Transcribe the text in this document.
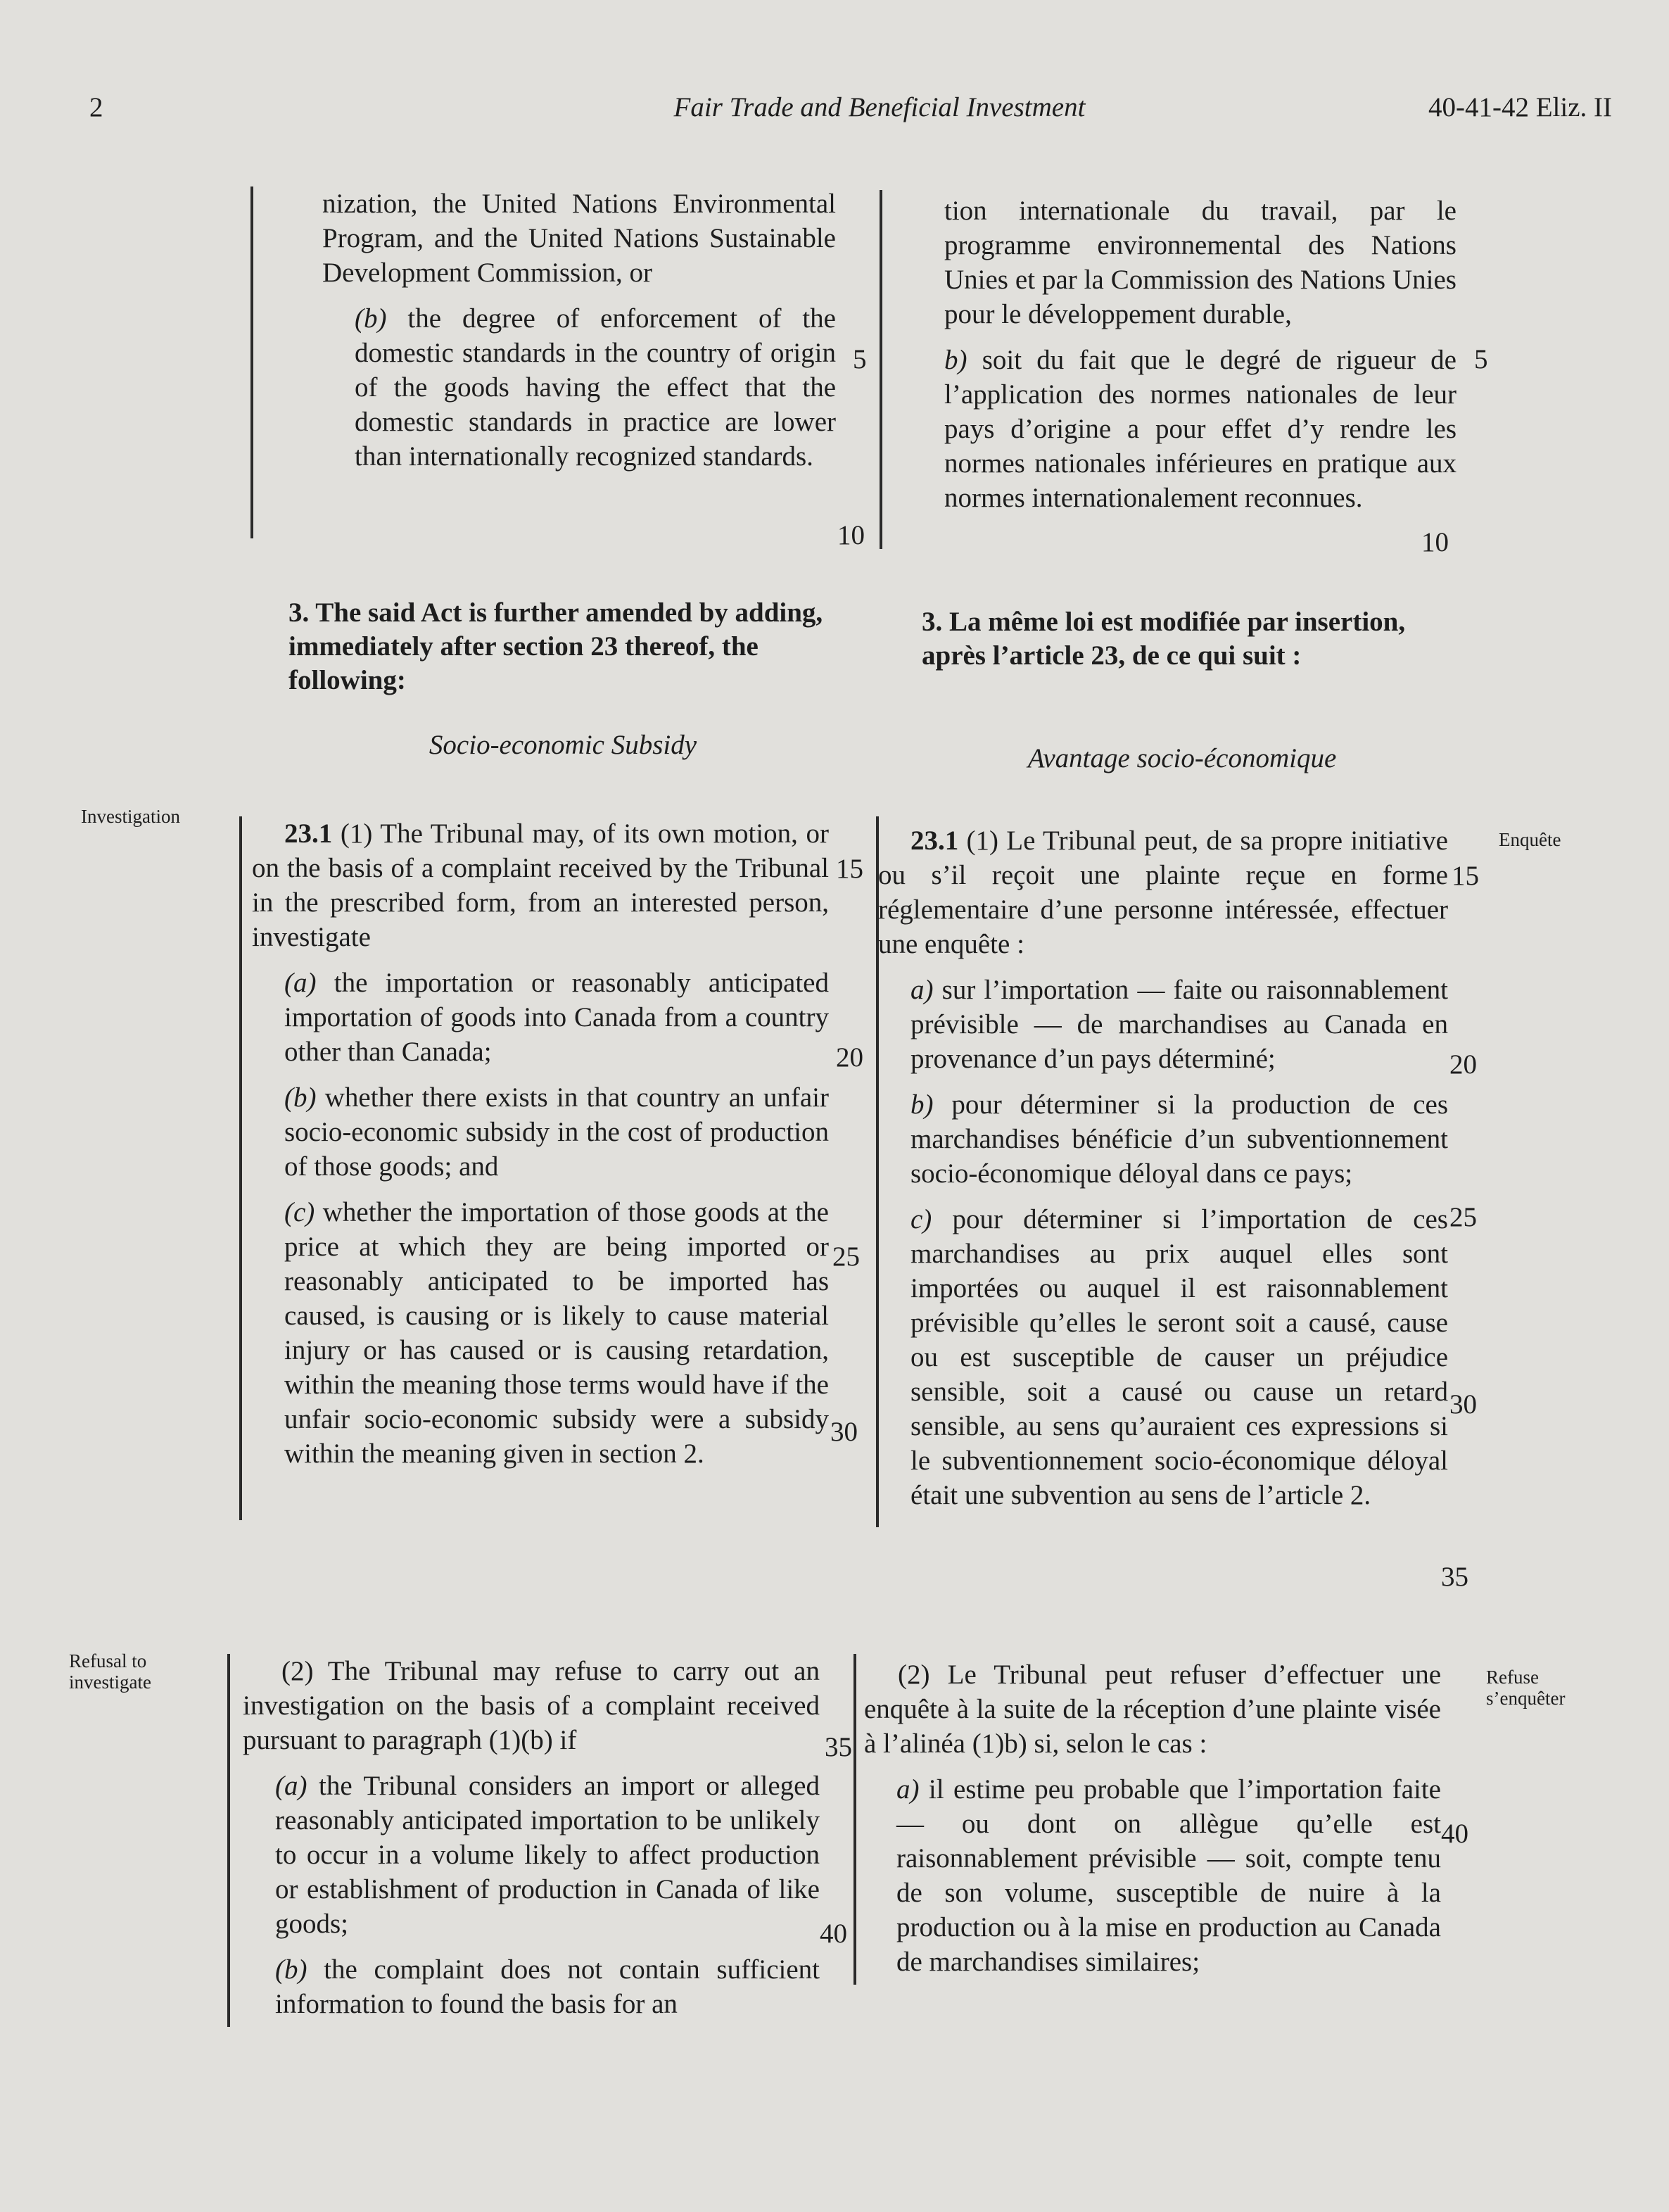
2	Fair Trade and Beneficial Investment	40-41-42 Eliz. II
Investigation
Refusal to investigate
Enquête
Refuse s’enquêter
5
10
15
20
25
30
35
40
5
10
15
20
25
30
35
40

nization, the United Nations Environmental Program, and the United Nations Sustainable Development Commission, or

(b) the degree of enforcement of the domestic standards in the country of origin of the goods having the effect that the domestic standards in practice are lower than internationally recognized standards.

3. The said Act is further amended by adding, immediately after section 23 thereof, the following:
Socio-economic Subsidy

23.1 (1) The Tribunal may, of its own motion, or on the basis of a complaint received by the Tribunal in the prescribed form, from an interested person, investigate

(a) the importation or reasonably anticipated importation of goods into Canada from a country other than Canada;

(b) whether there exists in that country an unfair socio-economic subsidy in the cost of production of those goods; and

(c) whether the importation of those goods at the price at which they are being imported or reasonably anticipated to be imported has caused, is causing or is likely to cause material injury or has caused or is causing retardation, within the meaning those terms would have if the unfair socio-economic subsidy were a subsidy within the meaning given in section 2.

(2) The Tribunal may refuse to carry out an investigation on the basis of a complaint received pursuant to paragraph (1)(b) if

(a) the Tribunal considers an import or alleged reasonably anticipated importation to be unlikely to occur in a volume likely to affect production or establishment of production in Canada of like goods;

(b) the complaint does not contain sufficient information to found the basis for an

tion internationale du travail, par le programme environnemental des Nations Unies et par la Commission des Nations Unies pour le développement durable,

b) soit du fait que le degré de rigueur de l’application des normes nationales de leur pays d’origine a pour effet d’y rendre les normes nationales inférieures en pratique aux normes internationalement reconnues.

3. La même loi est modifiée par insertion, après l’article 23, de ce qui suit :
Avantage socio-économique

23.1 (1) Le Tribunal peut, de sa propre initiative ou s’il reçoit une plainte reçue en forme réglementaire d’une personne intéressée, effectuer une enquête :

a) sur l’importation — faite ou raisonnablement prévisible — de marchandises au Canada en provenance d’un pays déterminé;

b) pour déterminer si la production de ces marchandises bénéficie d’un subventionnement socio-économique déloyal dans ce pays;

c) pour déterminer si l’importation de ces marchandises au prix auquel elles sont importées ou auquel il est raisonnablement prévisible qu’elles le seront soit a causé, cause ou est susceptible de causer un préjudice sensible, soit a causé ou cause un retard sensible, au sens qu’auraient ces expressions si le subventionnement socio-économique déloyal était une subvention au sens de l’article 2.

(2) Le Tribunal peut refuser d’effectuer une enquête à la suite de la réception d’une plainte visée à l’alinéa (1)b) si, selon le cas :

a) il estime peu probable que l’importation faite — ou dont on allègue qu’elle est raisonnablement prévisible — soit, compte tenu de son volume, susceptible de nuire à la production ou à la mise en production au Canada de marchandises similaires;
